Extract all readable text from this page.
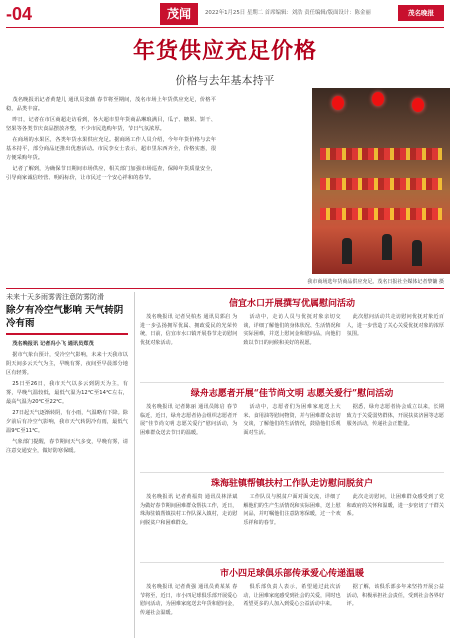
-04	茂闻	2022年1月25日 星期二 首席编辑：刘浩 责任编辑/版面设计：陈金丽	茂名晚报
年货供应充足价格
价格与去年基本持平

茂名晚报讯记者黄楚儿 通讯员张薇 春节将至期间，茂名市场上年货供应充足，价格平稳，品类丰富。

昨日，记者在市区商超走访看到，各大超市里年货商品琳琅满目，瓜子、糖果、饼干、坚果等各类节庆食品摆放齐整，不少市民选购年货，节日气氛浓厚。

在商场的水果区，各类年货水果供应充足。据商场工作人员介绍，今年年货价格与去年基本持平，部分商品还推出优惠活动。市民李女士表示，超市里东西齐全，价格实惠，很方便采购年货。

记者了解到，为确保节日期间市场供应，相关部门加强市场巡查，保障年货质量安全，引导商家诚信经营、明码标价，让市民过一个安心祥和的春节。

我市商场选年货商品供应充足。茂名日报社全媒体记者黎镛 摄
未来十天多雨雾需注意防雾防滑
除夕有冷空气影响 天气转阴冷有雨

茂名晚报讯 记者冯小飞 通讯员郑茂

据市气象台预计，受冷空气影响，未来十天我市以阴天间多云天气为主，早晚有雾，夜间至早晨部分地区有轻雾。

25日至26日，我市天气以多云到阴天为主，有雾，早晚气温较低，最低气温为12℃至14℃左右，最高气温为20℃至22℃。

27日起天气逐渐转阴，有小雨，气温略有下降。除夕前后有冷空气影响，我市天气转阴冷有雨，最低气温9℃至11℃。

气象部门提醒，春节期间天气多变，早晚有雾，请注意交通安全，做好防寒保暖。

信宜水口开展撰写优属慰问活动

茂名晚报讯 记者吴柏杰 通讯员郭启 为进一步弘扬拥军优属、拥政爱民的光荣传统，日前，信宜市水口镇开展春节走访慰问优抚对象活动。

活动中，走访人员与优抚对象亲切交谈，详细了解他们的身体状况、生活情况和实际困难，并送上慰问金和慰问品，向他们致以节日的问候和美好的祝愿。

此次慰问活动共走访慰问优抚对象近百人，进一步营造了关心关爱优抚对象的浓厚氛围。

绿舟志愿者开展“佳节尚文明 志愿关爱行”慰问活动

茂名晚报讯 记者陈丽 通讯员陈启 春节临近，近日，绿舟志愿者协会组织志愿者开展“佳节尚文明 志愿关爱行”慰问活动，为困难群众送去节日的温暖。

活动中，志愿者们为困难家庭送上大米、食用油等慰问物资，并与困难群众亲切交谈，了解他们的生活情况，鼓励他们乐观面对生活。

据悉，绿舟志愿者协会成立以来，长期致力于关爱弱势群体，开展扶贫济困等志愿服务活动，传递社会正能量。

珠海驻镇帮镇扶村工作队走访慰问脱贫户

茂名晚报讯 记者黄福贵 通讯员林泽斌 为做好春节期间困难群众帮扶工作，近日，珠海驻镇帮镇扶村工作队深入镇村，走访慰问脱贫户和困难群众。

工作队员与脱贫户面对面交流，详细了解他们的生产生活情况和实际困难，送上慰问品，并叮嘱他们注意防寒保暖，过一个欢乐祥和的春节。

此次走访慰问，让困难群众感受到了党和政府的关怀和温暖，进一步密切了干群关系。

市小四足球俱乐部传承爱心传递温暖

茂名晚报讯 记者黄强 通讯员黄某某 春节将至，近日，市小四足球俱乐部开展爱心慰问活动，为困难家庭送去年货和慰问金，传递社会温暖。

俱乐部负责人表示，希望通过此次活动，让困难家庭感受到社会的关爱，同时也希望更多的人加入到爱心公益活动中来。

据了解，该俱乐部多年来坚持开展公益活动，积极承担社会责任，受到社会各界好评。
